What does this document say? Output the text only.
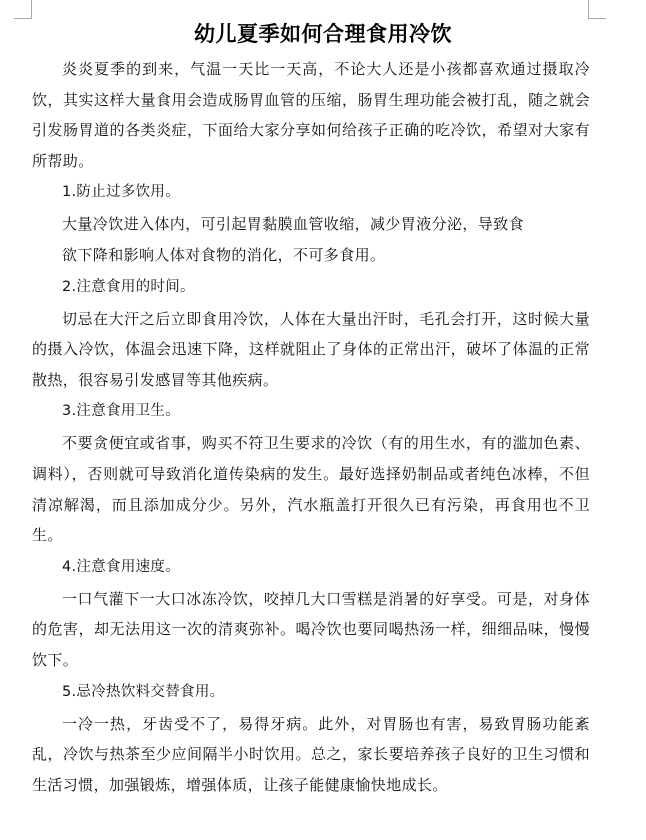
幼儿夏季如何合理食用冷饮

炎炎夏季的到来，气温一天比一天高，不论大人还是小孩都喜欢通过摄取冷饮，其实这样大量食用会造成肠胃血管的压缩，肠胃生理功能会被打乱，随之就会引发肠胃道的各类炎症，下面给大家分享如何给孩子正确的吃冷饮，希望对大家有所帮助。

1.防止过多饮用。

大量冷饮进入体内，可引起胃黏膜血管收缩，减少胃液分泌，导致食
欲下降和影响人体对食物的消化，不可多食用。

2.注意食用的时间。

切忌在大汗之后立即食用冷饮，人体在大量出汗时，毛孔会打开，这时候大量的摄入冷饮，体温会迅速下降，这样就阻止了身体的正常出汗，破坏了体温的正常散热，很容易引发感冒等其他疾病。

3.注意食用卫生。

不要贪便宜或省事，购买不符卫生要求的冷饮（有的用生水，有的滥加色素、调料），否则就可导致消化道传染病的发生。最好选择奶制品或者纯色冰棒，不但清凉解渴，而且添加成分少。另外，汽水瓶盖打开很久已有污染，再食用也不卫生。

4.注意食用速度。

一口气灌下一大口冰冻冷饮，咬掉几大口雪糕是消暑的好享受。可是，对身体的危害，却无法用这一次的清爽弥补。喝冷饮也要同喝热汤一样，细细品味，慢慢饮下。

5.忌冷热饮料交替食用。

一冷一热，牙齿受不了，易得牙病。此外，对胃肠也有害，易致胃肠功能紊乱，冷饮与热茶至少应间隔半小时饮用。总之，家长要培养孩子良好的卫生习惯和生活习惯，加强锻炼，增强体质，让孩子能健康愉快地成长。
